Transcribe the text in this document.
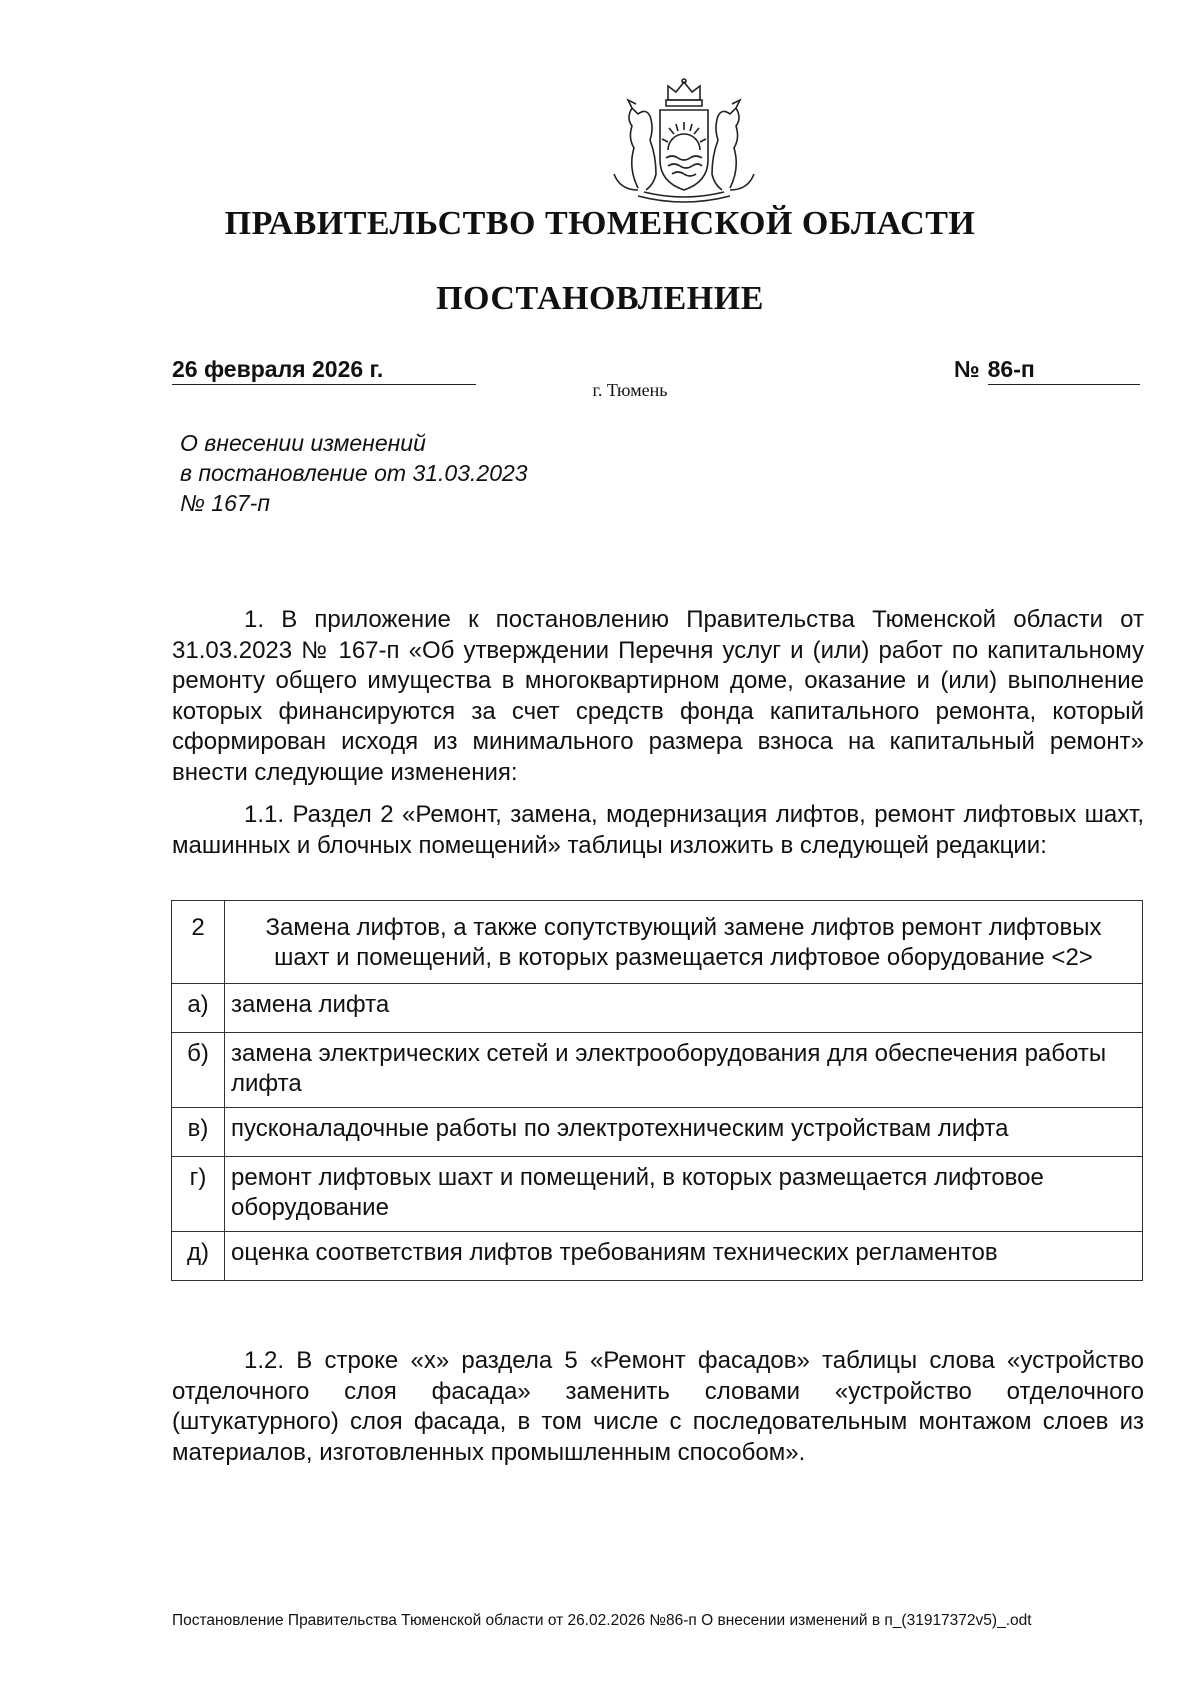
ПРАВИТЕЛЬСТВО ТЮМЕНСКОЙ ОБЛАСТИ
ПОСТАНОВЛЕНИЕ
26 февраля 2026 г.	№ 86-п
г. Тюмень
О внесении изменений
в постановление от 31.03.2023
№ 167-п

1. В приложение к постановлению Правительства Тюменской области от 31.03.2023 № 167-п «Об утверждении Перечня услуг и (или) работ по капитальному ремонту общего имущества в многоквартирном доме, оказание и (или) выполнение которых финансируются за счет средств фонда капитального ремонта, который сформирован исходя из минимального размера взноса на капитальный ремонт» внести следующие изменения:

1.1. Раздел 2 «Ремонт, замена, модернизация лифтов, ремонт лифтовых шахт, машинных и блочных помещений» таблицы изложить в следующей редакции:

2	Замена лифтов, а также сопутствующий замене лифтов ремонт лифтовых шахт и помещений, в которых размещается лифтовое оборудование <2>
а)	замена лифта
б)	замена электрических сетей и электрооборудования для обеспечения работы лифта
в)	пусконаладочные работы по электротехническим устройствам лифта
г)	ремонт лифтовых шахт и помещений, в которых размещается лифтовое оборудование
д)	оценка соответствия лифтов требованиям технических регламентов

1.2. В строке «х» раздела 5 «Ремонт фасадов» таблицы слова «устройство отделочного слоя фасада» заменить словами «устройство отделочного (штукатурного) слоя фасада, в том числе с последовательным монтажом слоев из материалов, изготовленных промышленным способом».

Постановление Правительства Тюменской области от 26.02.2026 №86-п О внесении изменений в п_(31917372v5)_.odt
